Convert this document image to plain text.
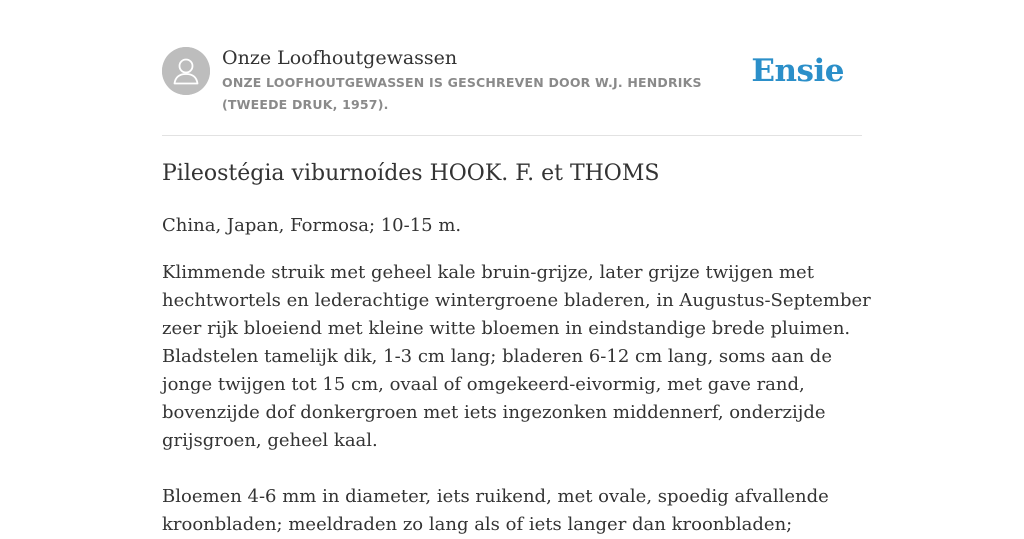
Onze Loofhoutgewassen
ONZE LOOFHOUTGEWASSEN IS GESCHREVEN DOOR W.J. HENDRIKS (TWEEDE DRUK, 1957).
Ensie
Pileostégia viburnoídes HOOK. F. et THOMS

China, Japan, Formosa; 10-15 m.

Klimmende struik met geheel kale bruin-grijze, later grijze twijgen met hechtwortels en lederachtige wintergroene bladeren, in Augustus-September zeer rijk bloeiend met kleine witte bloemen in eindstandige brede pluimen. Bladstelen tamelijk dik, 1-3 cm lang; bladeren 6-12 cm lang, soms aan de jonge twijgen tot 15 cm, ovaal of omgekeerd-eivormig, met gave rand, bovenzijde dof donkergroen met iets ingezonken middennerf, onderzijde grijsgroen, geheel kaal.

Bloemen 4-6 mm in diameter, iets ruikend, met ovale, spoedig afvallende kroonbladen; meeldraden zo lang als of iets langer dan kroonbladen;
